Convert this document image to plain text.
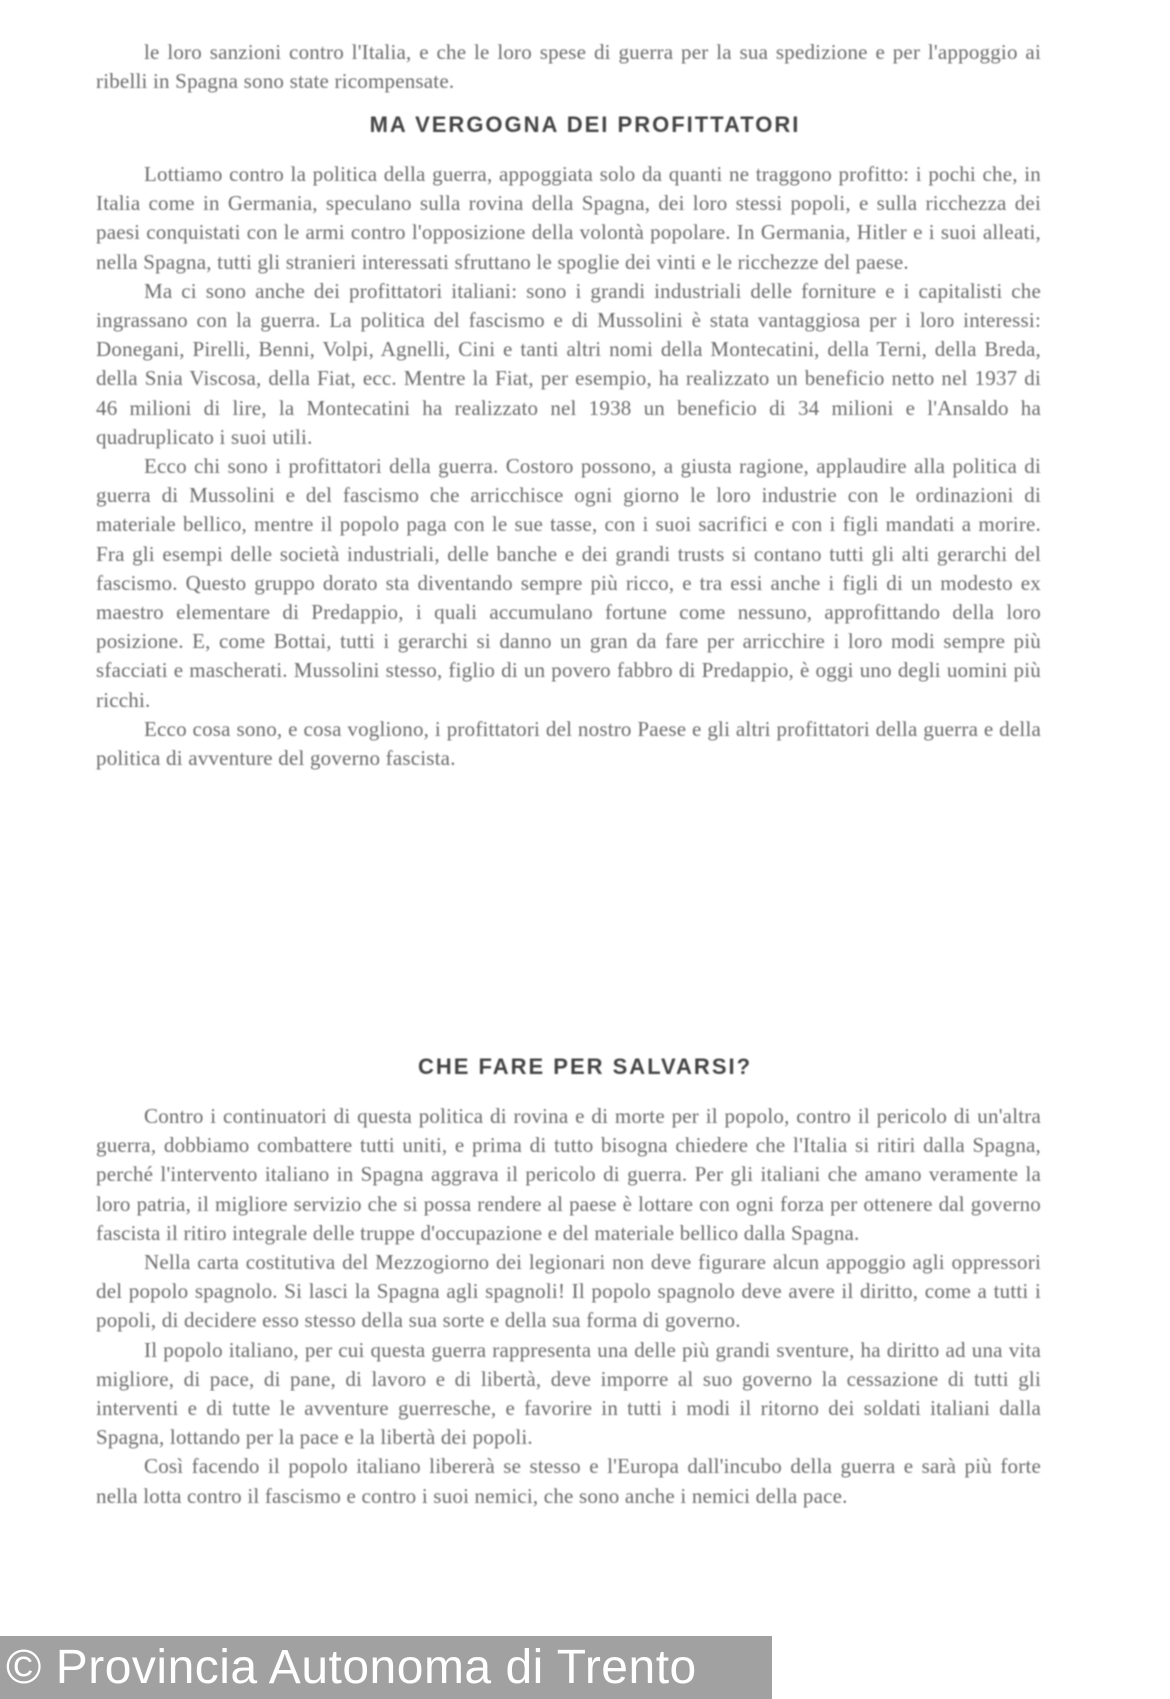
le loro sanzioni contro l'Italia, e che le loro spese di guerra per la sua spedizione e per l'appoggio ai ribelli in Spagna sono state ricompensate.

MA VERGOGNA DEI PROFITTATORI

Lottiamo contro la politica della guerra, appoggiata solo da quanti ne traggono profitto: i pochi che, in Italia come in Germania, speculano sulla rovina della Spagna, dei loro stessi popoli, e sulla ricchezza dei paesi conquistati con le armi contro l'opposizione della volontà popolare. In Germania, Hitler e i suoi alleati, nella Spagna, tutti gli stranieri interessati sfruttano le spoglie dei vinti e le ricchezze del paese.

Ma ci sono anche dei profittatori italiani: sono i grandi industriali delle forniture e i capitalisti che ingrassano con la guerra. La politica del fascismo e di Mussolini è stata vantaggiosa per i loro interessi: Donegani, Pirelli, Benni, Volpi, Agnelli, Cini e tanti altri nomi della Montecatini, della Terni, della Breda, della Snia Viscosa, della Fiat, ecc. Mentre la Fiat, per esempio, ha realizzato un beneficio netto nel 1937 di 46 milioni di lire, la Montecatini ha realizzato nel 1938 un beneficio di 34 milioni e l'Ansaldo ha quadruplicato i suoi utili.

Ecco chi sono i profittatori della guerra. Costoro possono, a giusta ragione, applaudire alla politica di guerra di Mussolini e del fascismo che arricchisce ogni giorno le loro industrie con le ordinazioni di materiale bellico, mentre il popolo paga con le sue tasse, con i suoi sacrifici e con i figli mandati a morire. Fra gli esempi delle società industriali, delle banche e dei grandi trusts si contano tutti gli alti gerarchi del fascismo. Questo gruppo dorato sta diventando sempre più ricco, e tra essi anche i figli di un modesto ex maestro elementare di Predappio, i quali accumulano fortune come nessuno, approfittando della loro posizione. E, come Bottai, tutti i gerarchi si danno un gran da fare per arricchire i loro modi sempre più sfacciati e mascherati. Mussolini stesso, figlio di un povero fabbro di Predappio, è oggi uno degli uomini più ricchi.

Ecco cosa sono, e cosa vogliono, i profittatori del nostro Paese e gli altri profittatori della guerra e della politica di avventure del governo fascista.

CHE FARE PER SALVARSI?

Contro i continuatori di questa politica di rovina e di morte per il popolo, contro il pericolo di un'altra guerra, dobbiamo combattere tutti uniti, e prima di tutto bisogna chiedere che l'Italia si ritiri dalla Spagna, perché l'intervento italiano in Spagna aggrava il pericolo di guerra. Per gli italiani che amano veramente la loro patria, il migliore servizio che si possa rendere al paese è lottare con ogni forza per ottenere dal governo fascista il ritiro integrale delle truppe d'occupazione e del materiale bellico dalla Spagna.

Nella carta costitutiva del Mezzogiorno dei legionari non deve figurare alcun appoggio agli oppressori del popolo spagnolo. Si lasci la Spagna agli spagnoli! Il popolo spagnolo deve avere il diritto, come a tutti i popoli, di decidere esso stesso della sua sorte e della sua forma di governo.

Il popolo italiano, per cui questa guerra rappresenta una delle più grandi sventure, ha diritto ad una vita migliore, di pace, di pane, di lavoro e di libertà, deve imporre al suo governo la cessazione di tutti gli interventi e di tutte le avventure guerresche, e favorire in tutti i modi il ritorno dei soldati italiani dalla Spagna, lottando per la pace e la libertà dei popoli.

Così facendo il popolo italiano libererà se stesso e l'Europa dall'incubo della guerra e sarà più forte nella lotta contro il fascismo e contro i suoi nemici, che sono anche i nemici della pace.

© Provincia Autonoma di Trento
